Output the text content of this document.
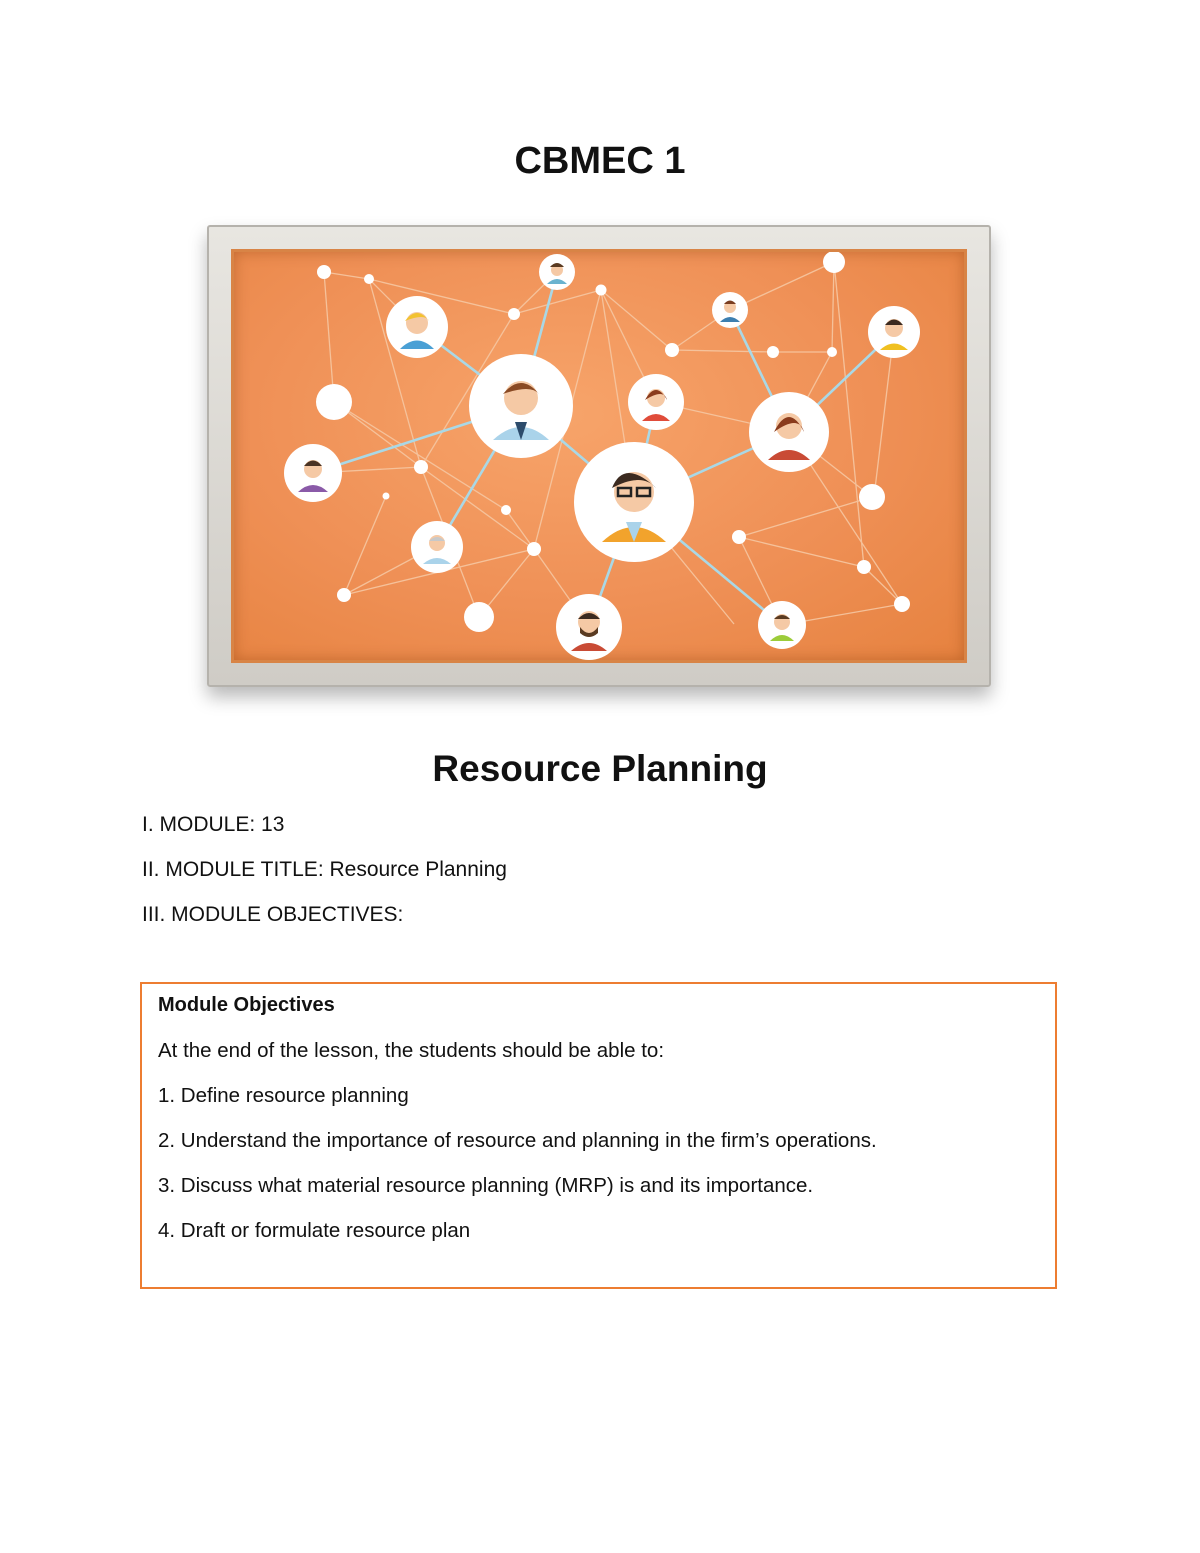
CBMEC 1
Resource Planning

I. MODULE: 13

II. MODULE TITLE: Resource Planning

III. MODULE OBJECTIVES:

Module Objectives

At the end of the lesson, the students should be able to:

1. Define resource planning
2. Understand the importance of resource and planning in the firm’s operations.
3. Discuss what material resource planning (MRP) is and its importance.
4. Draft or formulate resource plan
